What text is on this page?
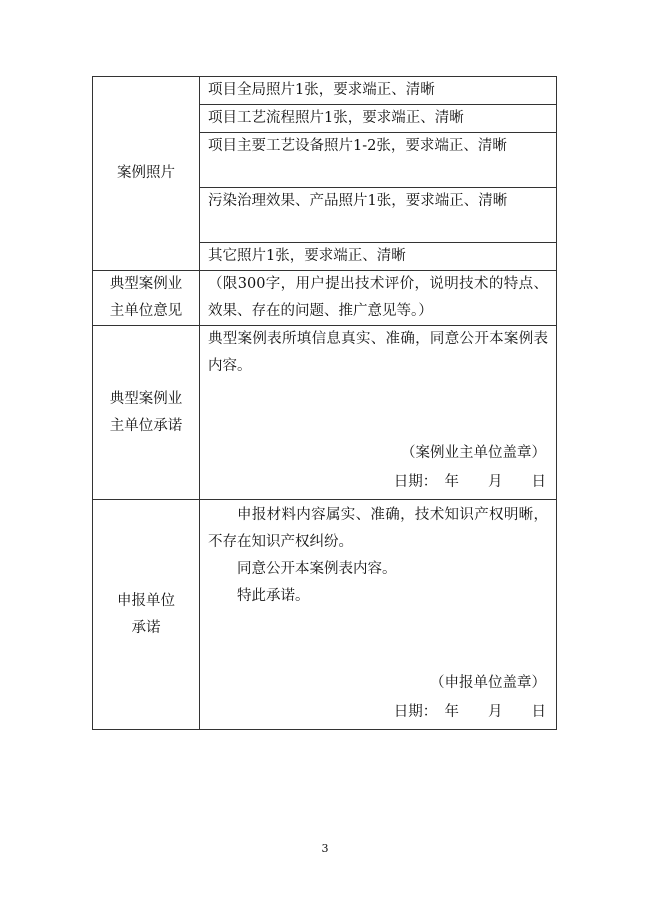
案例照片	项目全局照片1张，要求端正、清晰
	项目工艺流程照片1张，要求端正、清晰
	项目主要工艺设备照片1-2张，要求端正、清晰
	污染治理效果、产品照片1张，要求端正、清晰
	其它照片1张，要求端正、清晰
典型案例业主单位意见	（限300字，用户提出技术评价，说明技术的特点、效果、存在的问题、推广意见等。）
典型案例业主单位承诺	典型案例表所填信息真实、准确，同意公开本案例表内容。
（案例业主单位盖章）
日期：　年　　月　　日

申报单位承诺	申报材料内容属实、准确，技术知识产权明晰，不存在知识产权纠纷。
同意公开本案例表内容。
特此承诺。
（申报单位盖章）
日期：　年　　月　　日
3
